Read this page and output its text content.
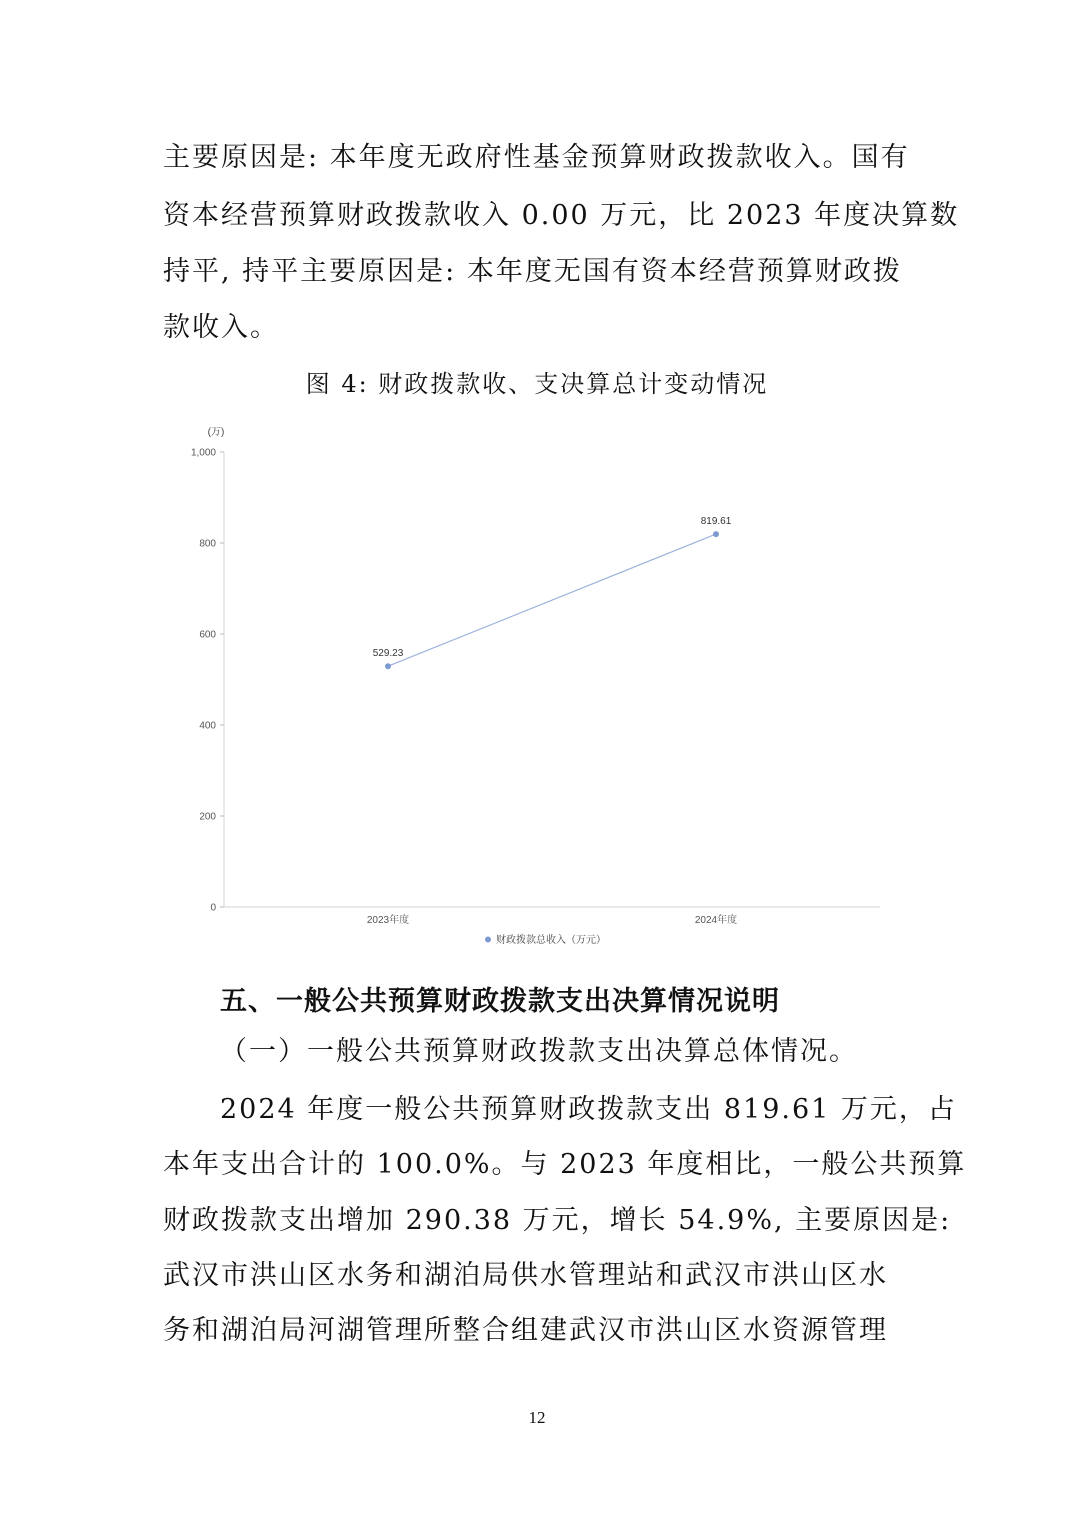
主要原因是: 本年度无政府性基金预算财政拨款收入。国有
资本经营预算财政拨款收入 0.00 万元，比 2023 年度决算数
持平, 持平主要原因是: 本年度无国有资本经营预算财政拨
款收入。
图 4: 财政拨款收、支决算总计变动情况
(万)
0
200
400
600
800
1,000
2023年度	2024年度
529.23
819.61
财政拨款总收入（万元）
五、一般公共预算财政拨款支出决算情况说明
（一）一般公共预算财政拨款支出决算总体情况。
2024 年度一般公共预算财政拨款支出 819.61 万元，占
本年支出合计的 100.0%。与 2023 年度相比，一般公共预算
财政拨款支出增加 290.38 万元，增长 54.9%, 主要原因是:
武汉市洪山区水务和湖泊局供水管理站和武汉市洪山区水
务和湖泊局河湖管理所整合组建武汉市洪山区水资源管理
12
